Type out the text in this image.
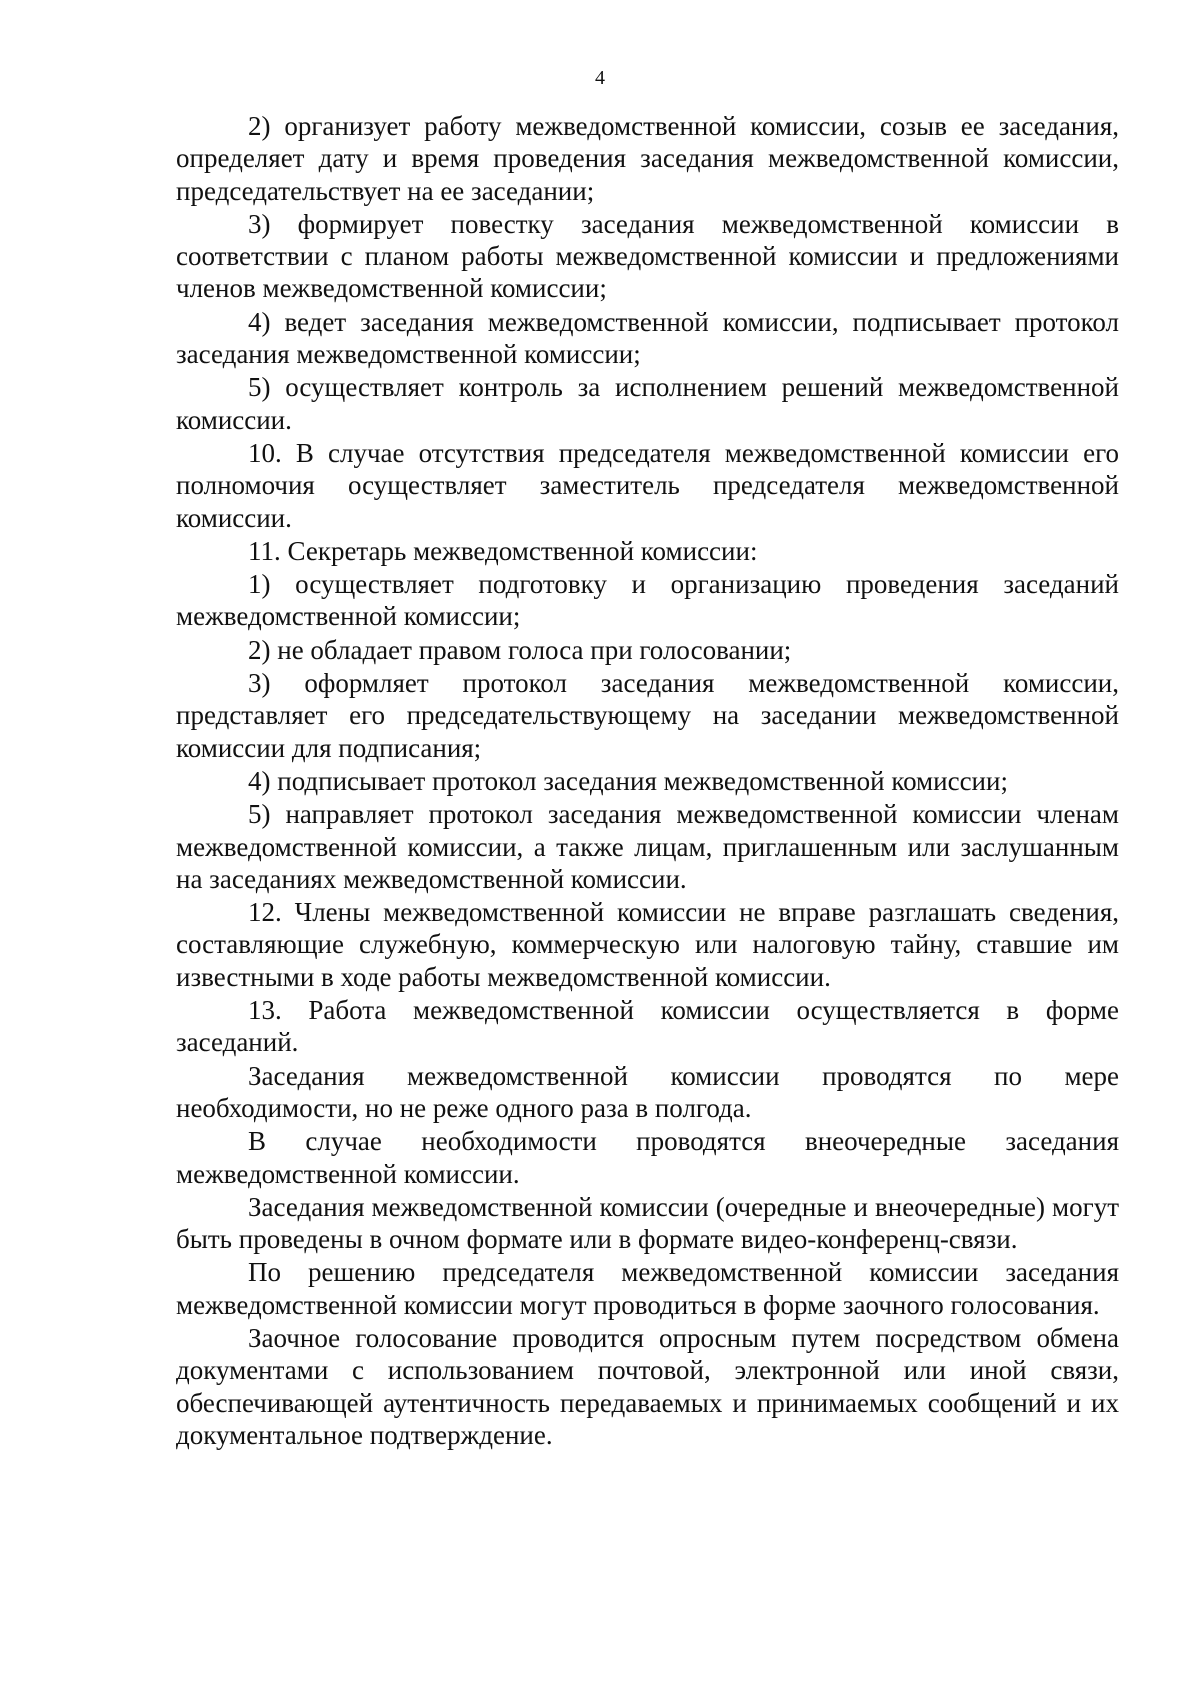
4

2) организует работу межведомственной комиссии, созыв ее заседания, определяет дату и время проведения заседания межведомственной комиссии, председательствует на ее заседании;

3) формирует повестку заседания межведомственной комиссии в соответствии с планом работы межведомственной комиссии и предложениями членов межведомственной комиссии;

4) ведет заседания межведомственной комиссии, подписывает протокол заседания межведомственной комиссии;

5) осуществляет контроль за исполнением решений межведомственной комиссии.

10. В случае отсутствия председателя межведомственной комиссии его полномочия осуществляет заместитель председателя межведомственной комиссии.

11. Секретарь межведомственной комиссии:

1) осуществляет подготовку и организацию проведения заседаний межведомственной комиссии;

2) не обладает правом голоса при голосовании;

3) оформляет протокол заседания межведомственной комиссии, представляет его председательствующему на заседании межведомственной комиссии для подписания;

4) подписывает протокол заседания межведомственной комиссии;

5) направляет протокол заседания межведомственной комиссии членам межведомственной комиссии, а также лицам, приглашенным или заслушанным на заседаниях межведомственной комиссии.

12. Члены межведомственной комиссии не вправе разглашать сведения, составляющие служебную, коммерческую или налоговую тайну, ставшие им известными в ходе работы межведомственной комиссии.

13. Работа межведомственной комиссии осуществляется в форме заседаний.

Заседания межведомственной комиссии проводятся по мере необходимости, но не реже одного раза в полгода.

В случае необходимости проводятся внеочередные заседания межведомственной комиссии.

Заседания межведомственной комиссии (очередные и внеочередные) могут быть проведены в очном формате или в формате видео-конференц-связи.

По решению председателя межведомственной комиссии заседания межведомственной комиссии могут проводиться в форме заочного голосования.

Заочное голосование проводится опросным путем посредством обмена документами с использованием почтовой, электронной или иной связи, обеспечивающей аутентичность передаваемых и принимаемых сообщений и их документальное подтверждение.
